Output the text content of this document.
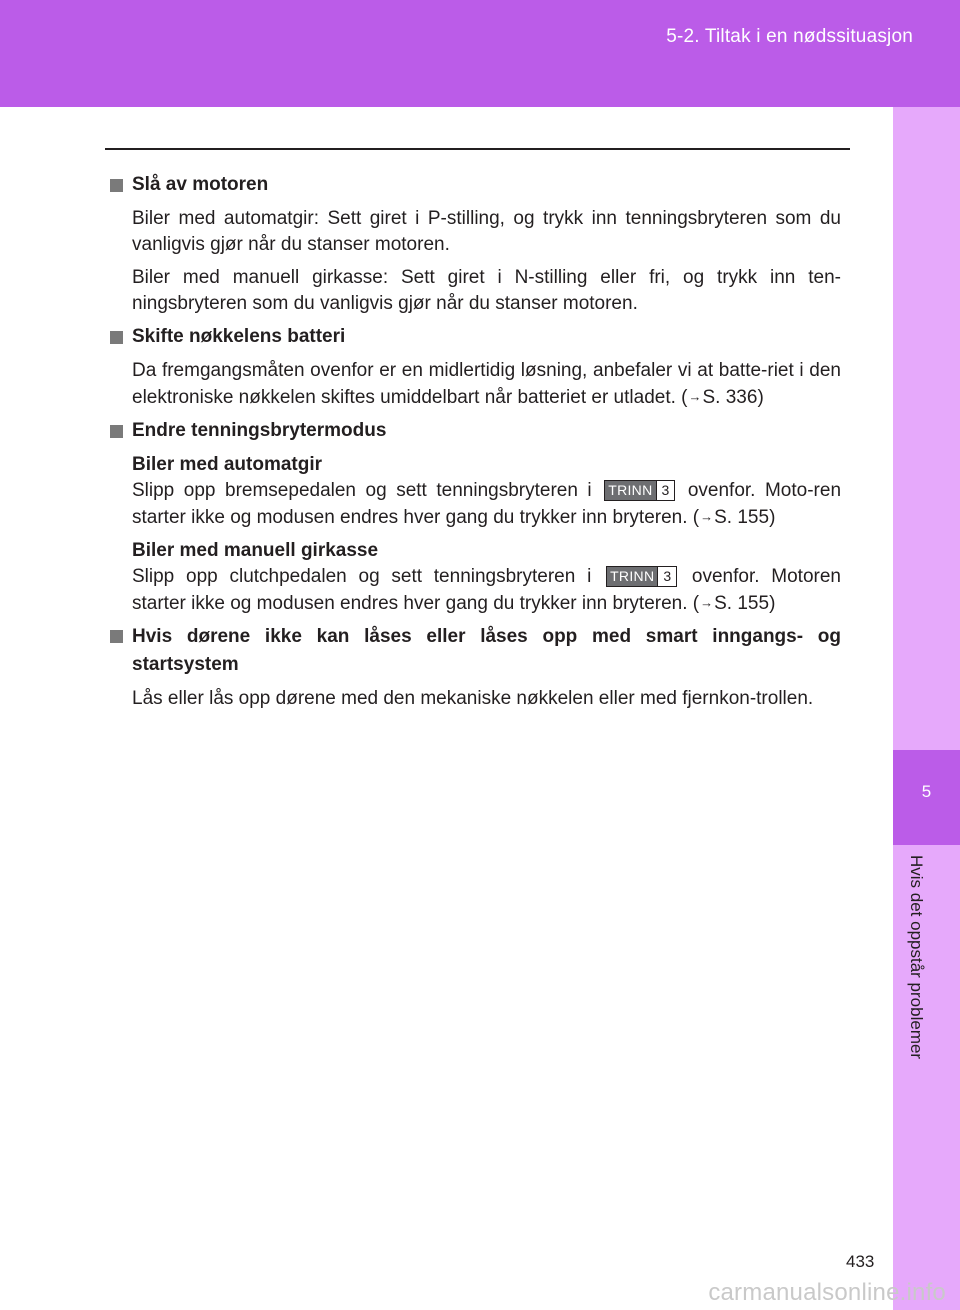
5-2. Tiltak i en nødssituasjon
5
Hvis det oppstår problemer
Slå av motoren

Biler med automatgir: Sett giret i P-stilling, og trykk inn tenningsbryteren som du vanligvis gjør når du stanser motoren.

Biler med manuell girkasse: Sett giret i N-stilling eller fri, og trykk inn ten-ningsbryteren som du vanligvis gjør når du stanser motoren.

Skifte nøkkelens batteri

Da fremgangsmåten ovenfor er en midlertidig løsning, anbefaler vi at batte-riet i den elektroniske nøkkelen skiftes umiddelbart når batteriet er utladet. (→S. 336)

Endre tenningsbrytermodus

Biler med automatgir
Slipp opp bremsepedalen og sett tenningsbryteren i TRINN 3 ovenfor. Moto-ren starter ikke og modusen endres hver gang du trykker inn bryteren. (→S. 155)

Biler med manuell girkasse
Slipp opp clutchpedalen og sett tenningsbryteren i TRINN 3 ovenfor. Motoren starter ikke og modusen endres hver gang du trykker inn bryteren. (→S. 155)

Hvis dørene ikke kan låses eller låses opp med smart inngangs- og startsystem

Lås eller lås opp dørene med den mekaniske nøkkelen eller med fjernkon-trollen.

433
carmanualsonline.info
